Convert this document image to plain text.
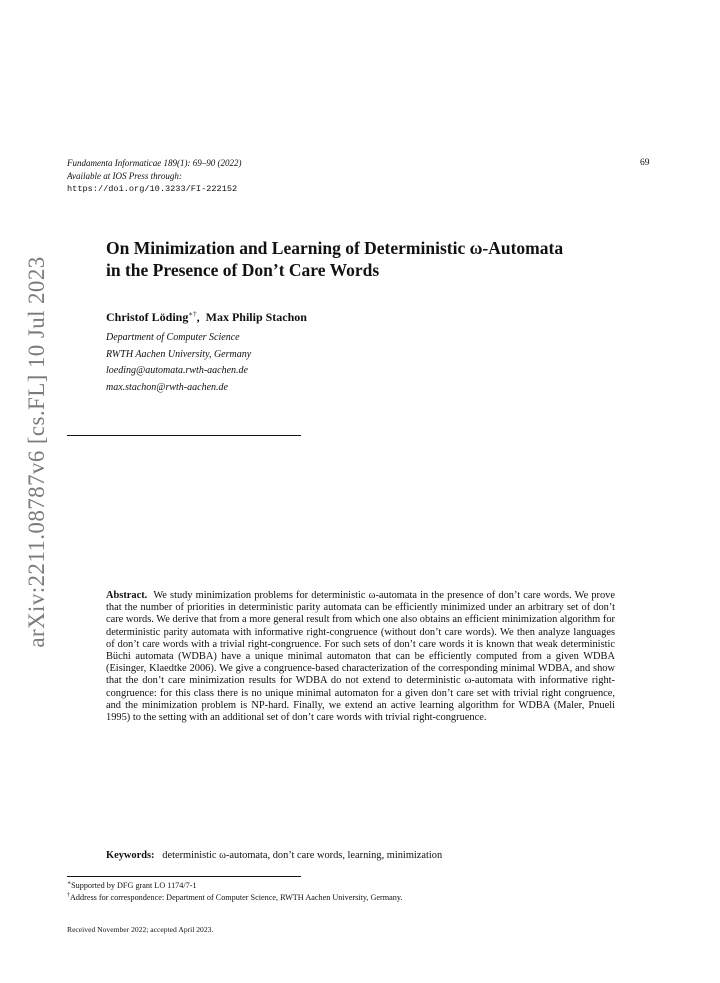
arXiv:2211.08787v6 [cs.FL] 10 Jul 2023
Fundamenta Informaticae 189(1): 69–90 (2022)
Available at IOS Press through:
https://doi.org/10.3233/FI-222152
69
On Minimization and Learning of Deterministic ω-Automata
in the Presence of Don’t Care Words
Christof Löding∗†,  Max Philip Stachon
Department of Computer Science
RWTH Aachen University, Germany
loeding@automata.rwth-aachen.de
max.stachon@rwth-aachen.de
Abstract. We study minimization problems for deterministic ω-automata in the presence of don’t care words. We prove that the number of priorities in deterministic parity automata can be efficiently minimized under an arbitrary set of don’t care words. We derive that from a more general result from which one also obtains an efficient minimization algorithm for deterministic parity automata with informative right-congruence (without don’t care words). We then analyze languages of don’t care words with a trivial right-congruence. For such sets of don’t care words it is known that weak deterministic Büchi automata (WDBA) have a unique minimal automaton that can be efficiently computed from a given WDBA (Eisinger, Klaedtke 2006). We give a congruence-based characterization of the corresponding minimal WDBA, and show that the don’t care minimization results for WDBA do not extend to deterministic ω-automata with informative right-congruence: for this class there is no unique minimal automaton for a given don’t care set with trivial right congruence, and the minimization problem is NP-hard. Finally, we extend an active learning algorithm for WDBA (Maler, Pnueli 1995) to the setting with an additional set of don’t care words with trivial right-congruence.
Keywords: deterministic ω-automata, don’t care words, learning, minimization
∗Supported by DFG grant LO 1174/7-1
†Address for correspondence: Department of Computer Science, RWTH Aachen University, Germany.
Received November 2022; accepted April 2023.
